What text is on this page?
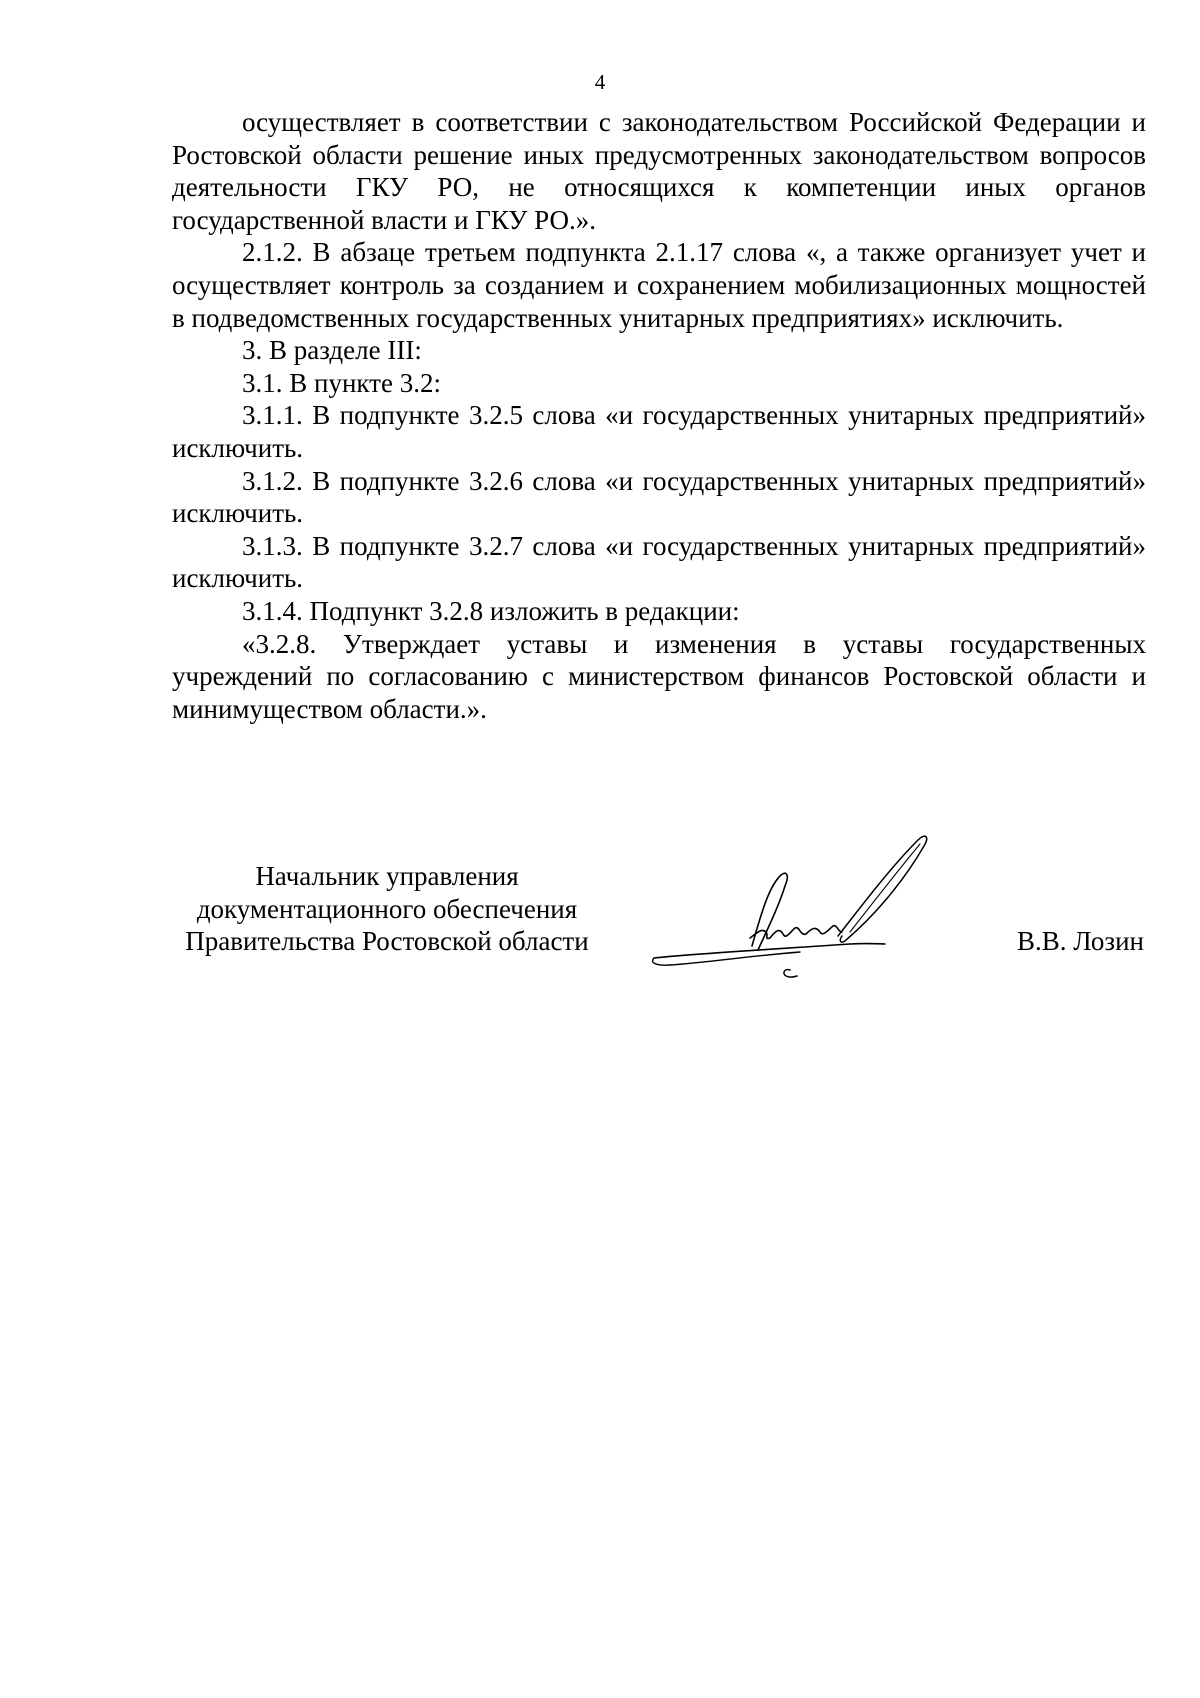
4

осуществляет в соответствии с законодательством Российской Федерации и Ростовской области решение иных предусмотренных законодательством вопросов деятельности ГКУ РО, не относящихся к компетенции иных органов государственной власти и ГКУ РО.».

2.1.2. В абзаце третьем подпункта 2.1.17 слова «, а также организует учет и осуществляет контроль за созданием и сохранением мобилизационных мощностей в подведомственных государственных унитарных предприятиях» исключить.

3. В разделе III:

3.1. В пункте 3.2:

3.1.1. В подпункте 3.2.5 слова «и государственных унитарных предприятий» исключить.

3.1.2. В подпункте 3.2.6 слова «и государственных унитарных предприятий» исключить.

3.1.3. В подпункте 3.2.7 слова «и государственных унитарных предприятий» исключить.

3.1.4. Подпункт 3.2.8 изложить в редакции:

«3.2.8. Утверждает уставы и изменения в уставы государственных учреждений по согласованию с министерством финансов Ростовской области и минимуществом области.».

Начальник управления
документационного обеспечения
Правительства Ростовской области	В.В. Лозин
